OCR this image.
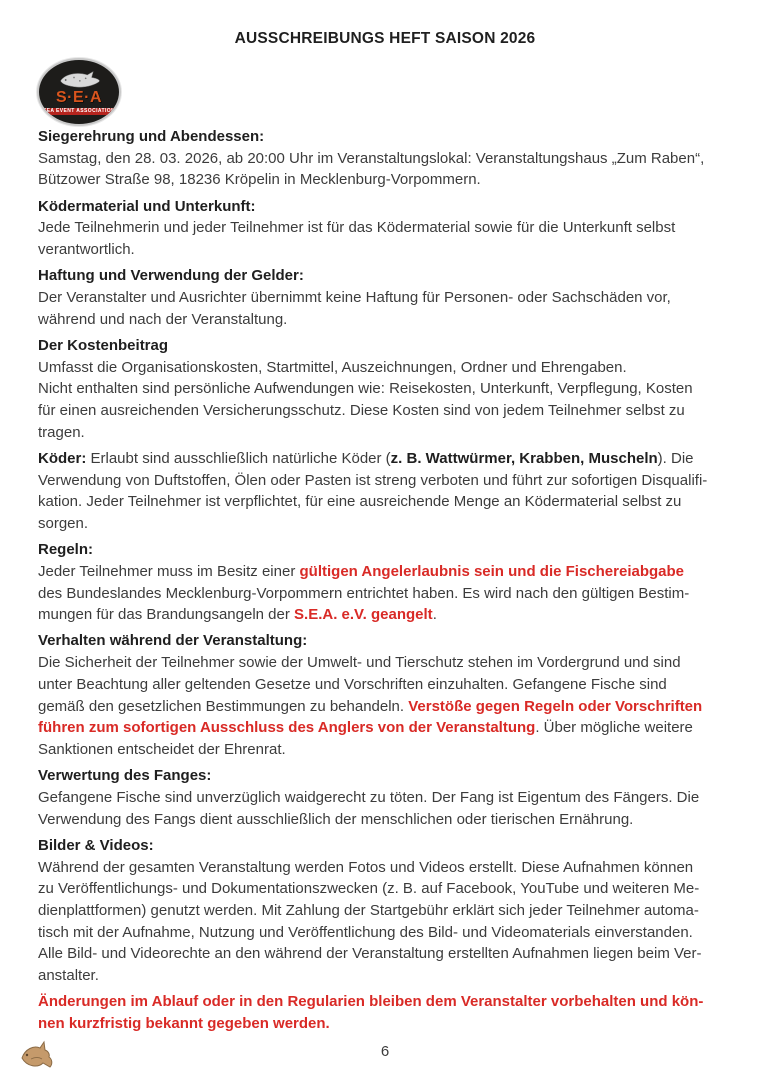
AUSSCHREIBUNGS HEFT SAISON 2026
S·E·A
SEA EVENT ASSOCIATION
Siegerehrung und Abendessen:
Samstag, den 28. 03. 2026, ab 20:00 Uhr im Veranstaltungslokal: Veranstaltungshaus „Zum Raben“,
Bützower Straße 98, 18236 Kröpelin in Mecklenburg-Vorpommern.
Ködermaterial und Unterkunft:
Jede Teilnehmerin und jeder Teilnehmer ist für das Ködermaterial sowie für die Unterkunft selbst
verantwortlich.
Haftung und Verwendung der Gelder:
Der Veranstalter und Ausrichter übernimmt keine Haftung für Personen- oder Sachschäden vor,
während und nach der Veranstaltung.
Der Kostenbeitrag
Umfasst die Organisationskosten, Startmittel, Auszeichnungen, Ordner und Ehrengaben.
Nicht enthalten sind persönliche Aufwendungen wie: Reisekosten, Unterkunft, Verpflegung, Kosten
für einen ausreichenden Versicherungsschutz. Diese Kosten sind von jedem Teilnehmer selbst zu
tragen.
Köder: Erlaubt sind ausschließlich natürliche Köder (z. B. Wattwürmer, Krabben, Muscheln). Die
Verwendung von Duftstoffen, Ölen oder Pasten ist streng verboten und führt zur sofortigen Disqualifi-
kation. Jeder Teilnehmer ist verpflichtet, für eine ausreichende Menge an Ködermaterial selbst zu
sorgen.
Regeln:
Jeder Teilnehmer muss im Besitz einer gültigen Angelerlaubnis sein und die Fischereiabgabe
des Bundeslandes Mecklenburg-Vorpommern entrichtet haben. Es wird nach den gültigen Bestim-
mungen für das Brandungsangeln der S.E.A. e.V. geangelt.
Verhalten während der Veranstaltung:
Die Sicherheit der Teilnehmer sowie der Umwelt- und Tierschutz stehen im Vordergrund und sind
unter Beachtung aller geltenden Gesetze und Vorschriften einzuhalten. Gefangene Fische sind
gemäß den gesetzlichen Bestimmungen zu behandeln. Verstöße gegen Regeln oder Vorschriften
führen zum sofortigen Ausschluss des Anglers von der Veranstaltung. Über mögliche weitere
Sanktionen entscheidet der Ehrenrat.
Verwertung des Fanges:
Gefangene Fische sind unverzüglich waidgerecht zu töten. Der Fang ist Eigentum des Fängers. Die
Verwendung des Fangs dient ausschließlich der menschlichen oder tierischen Ernährung.
Bilder & Videos:
Während der gesamten Veranstaltung werden Fotos und Videos erstellt. Diese Aufnahmen können
zu Veröffentlichungs- und Dokumentationszwecken (z. B. auf Facebook, YouTube und weiteren Me-
dienplattformen) genutzt werden. Mit Zahlung der Startgebühr erklärt sich jeder Teilnehmer automa-
tisch mit der Aufnahme, Nutzung und Veröffentlichung des Bild- und Videomaterials einverstanden.
Alle Bild- und Videorechte an den während der Veranstaltung erstellten Aufnahmen liegen beim Ver-
anstalter.
Änderungen im Ablauf oder in den Regularien bleiben dem Veranstalter vorbehalten und kön-
nen kurzfristig bekannt gegeben werden.
6
